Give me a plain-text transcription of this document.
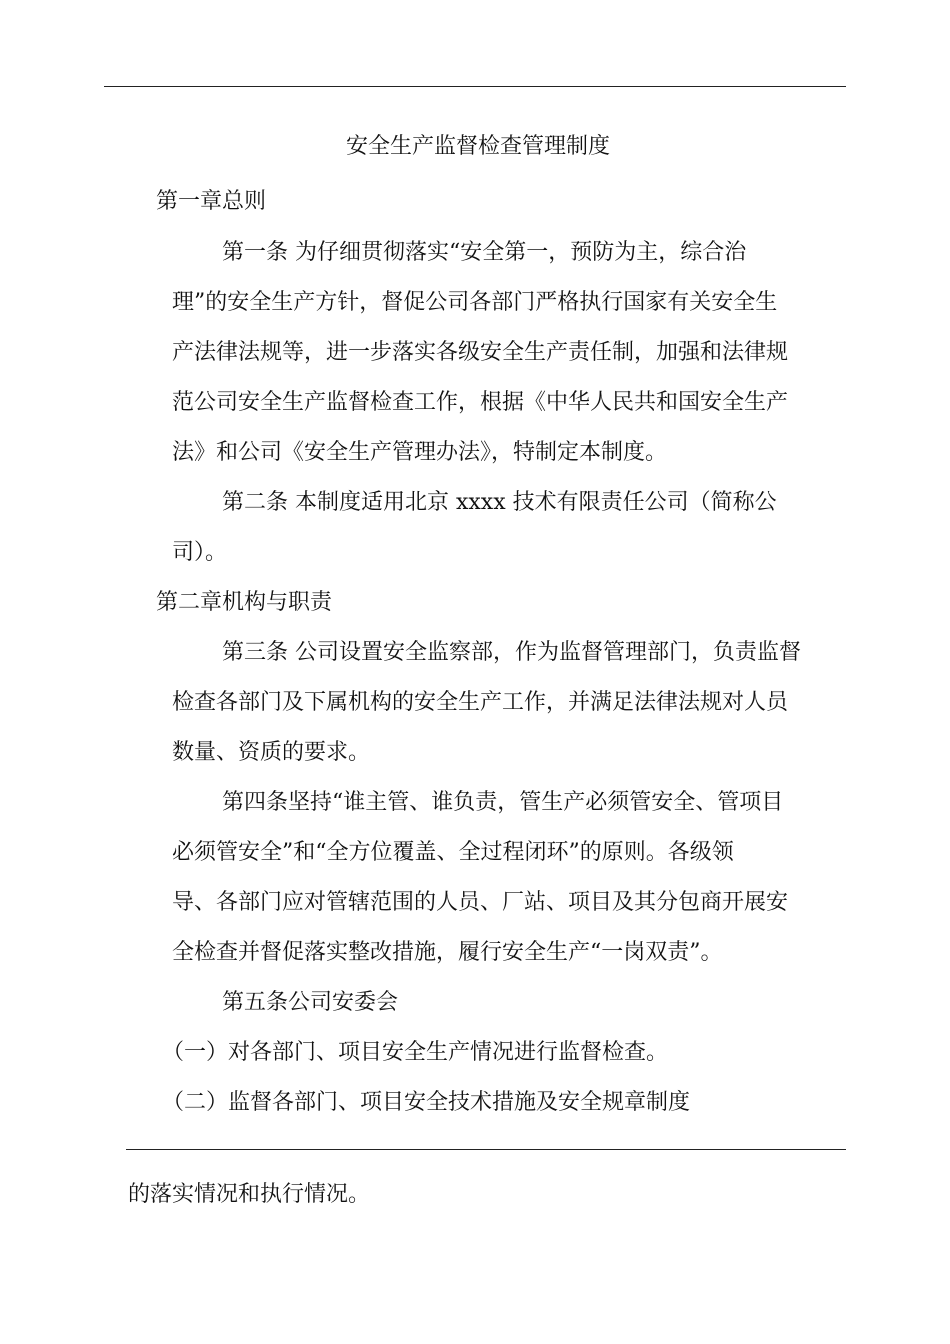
安全生产监督检查管理制度
第一章总则
第一条 为仔细贯彻落实“安全第一，预防为主，综合治
理”的安全生产方针，督促公司各部门严格执行国家有关安全生
产法律法规等，进一步落实各级安全生产责任制，加强和法律规
范公司安全生产监督检查工作，根据《中华人民共和国安全生产
法》和公司《安全生产管理办法》，特制定本制度。
第二条 本制度适用北京 xxxx 技术有限责任公司（简称公
司）。
第二章机构与职责
第三条 公司设置安全监察部，作为监督管理部门，负责监督
检查各部门及下属机构的安全生产工作，并满足法律法规对人员
数量、资质的要求。
第四条坚持“谁主管、谁负责，管生产必须管安全、管项目
必须管安全”和“全方位覆盖、全过程闭环”的原则。各级领
导、各部门应对管辖范围的人员、厂站、项目及其分包商开展安
全检查并督促落实整改措施，履行安全生产“一岗双责”。
第五条公司安委会
（一）对各部门、项目安全生产情况进行监督检查。
（二）监督各部门、项目安全技术措施及安全规章制度
的落实情况和执行情况。
